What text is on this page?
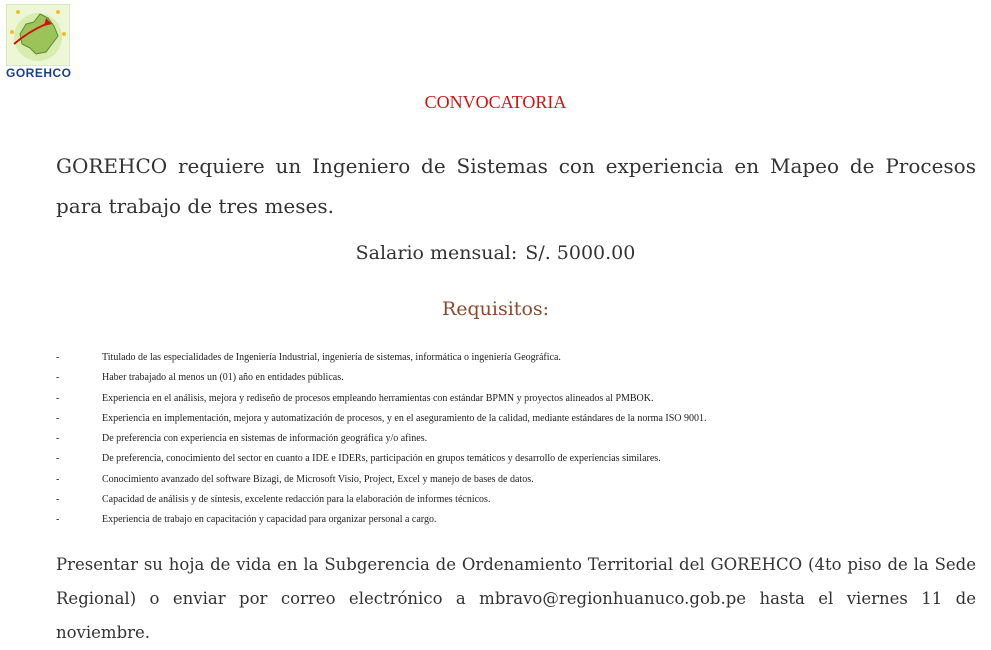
GOREHCO
CONVOCATORIA
GOREHCO requiere un Ingeniero de Sistemas con experiencia en Mapeo de Procesos para trabajo de tres meses.
Salario mensual: S/. 5000.00
Requisitos:
-	Titulado de las especialidades de Ingeniería Industrial, ingeniería de sistemas, informática o ingeniería Geográfica.
-	Haber trabajado al menos un (01) año en entidades públicas.
-	Experiencia en el análisis, mejora y rediseño de procesos empleando herramientas con estándar BPMN y proyectos alineados al PMBOK.
-	Experiencia en implementación, mejora y automatización de procesos, y en el aseguramiento de la calidad, mediante estándares de la norma ISO 9001.
-	De preferencia con experiencia en sistemas de información geográfica y/o afines.
-	De preferencia, conocimiento del sector en cuanto a IDE e IDERs, participación en grupos temáticos y desarrollo de experiencias similares.
-	Conocimiento avanzado del software Bizagi, de Microsoft Visio, Project, Excel y manejo de bases de datos.
-	Capacidad de análisis y de síntesis, excelente redacción para la elaboración de informes técnicos.
-	Experiencia de trabajo en capacitación y capacidad para organizar personal a cargo.
Presentar su hoja de vida en la Subgerencia de Ordenamiento Territorial del GOREHCO (4to piso de la Sede Regional) o enviar por correo electrónico a mbravo@regionhuanuco.gob.pe hasta el viernes 11 de noviembre.
